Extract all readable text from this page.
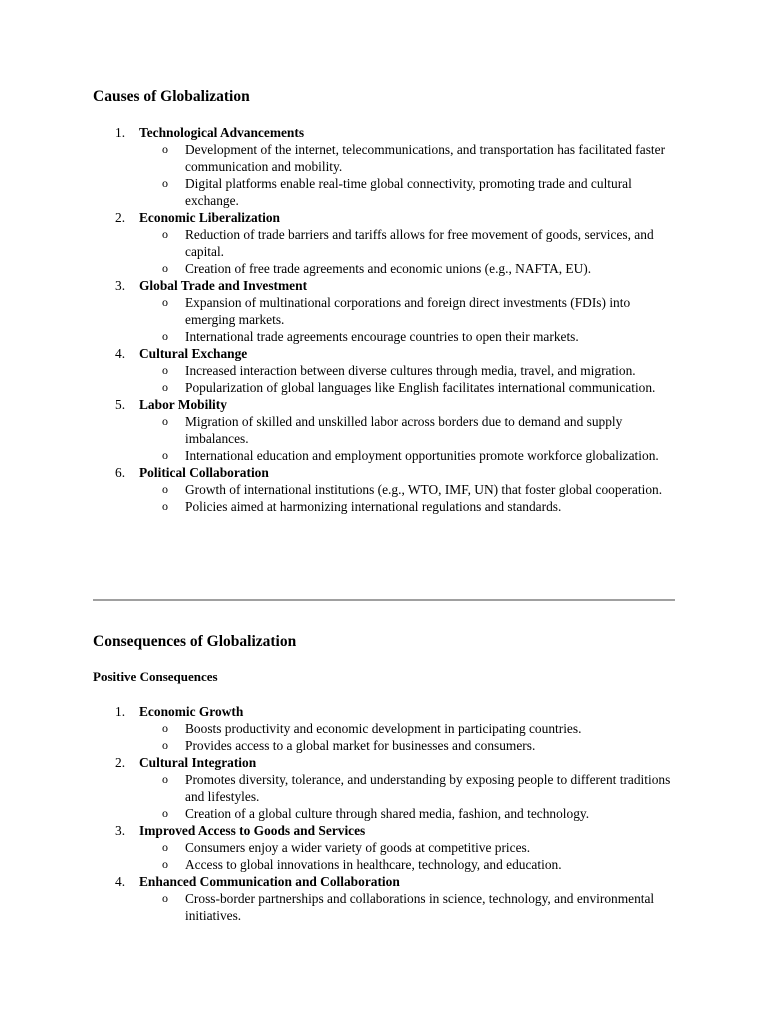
Causes of Globalization
1. Technological Advancements
o Development of the internet, telecommunications, and transportation has facilitated faster communication and mobility.
o Digital platforms enable real-time global connectivity, promoting trade and cultural exchange.
2. Economic Liberalization
o Reduction of trade barriers and tariffs allows for free movement of goods, services, and capital.
o Creation of free trade agreements and economic unions (e.g., NAFTA, EU).
3. Global Trade and Investment
o Expansion of multinational corporations and foreign direct investments (FDIs) into emerging markets.
o International trade agreements encourage countries to open their markets.
4. Cultural Exchange
o Increased interaction between diverse cultures through media, travel, and migration.
o Popularization of global languages like English facilitates international communication.
5. Labor Mobility
o Migration of skilled and unskilled labor across borders due to demand and supply imbalances.
o International education and employment opportunities promote workforce globalization.
6. Political Collaboration
o Growth of international institutions (e.g., WTO, IMF, UN) that foster global cooperation.
o Policies aimed at harmonizing international regulations and standards.
Consequences of Globalization
Positive Consequences
1. Economic Growth
o Boosts productivity and economic development in participating countries.
o Provides access to a global market for businesses and consumers.
2. Cultural Integration
o Promotes diversity, tolerance, and understanding by exposing people to different traditions and lifestyles.
o Creation of a global culture through shared media, fashion, and technology.
3. Improved Access to Goods and Services
o Consumers enjoy a wider variety of goods at competitive prices.
o Access to global innovations in healthcare, technology, and education.
4. Enhanced Communication and Collaboration
o Cross-border partnerships and collaborations in science, technology, and environmental initiatives.
